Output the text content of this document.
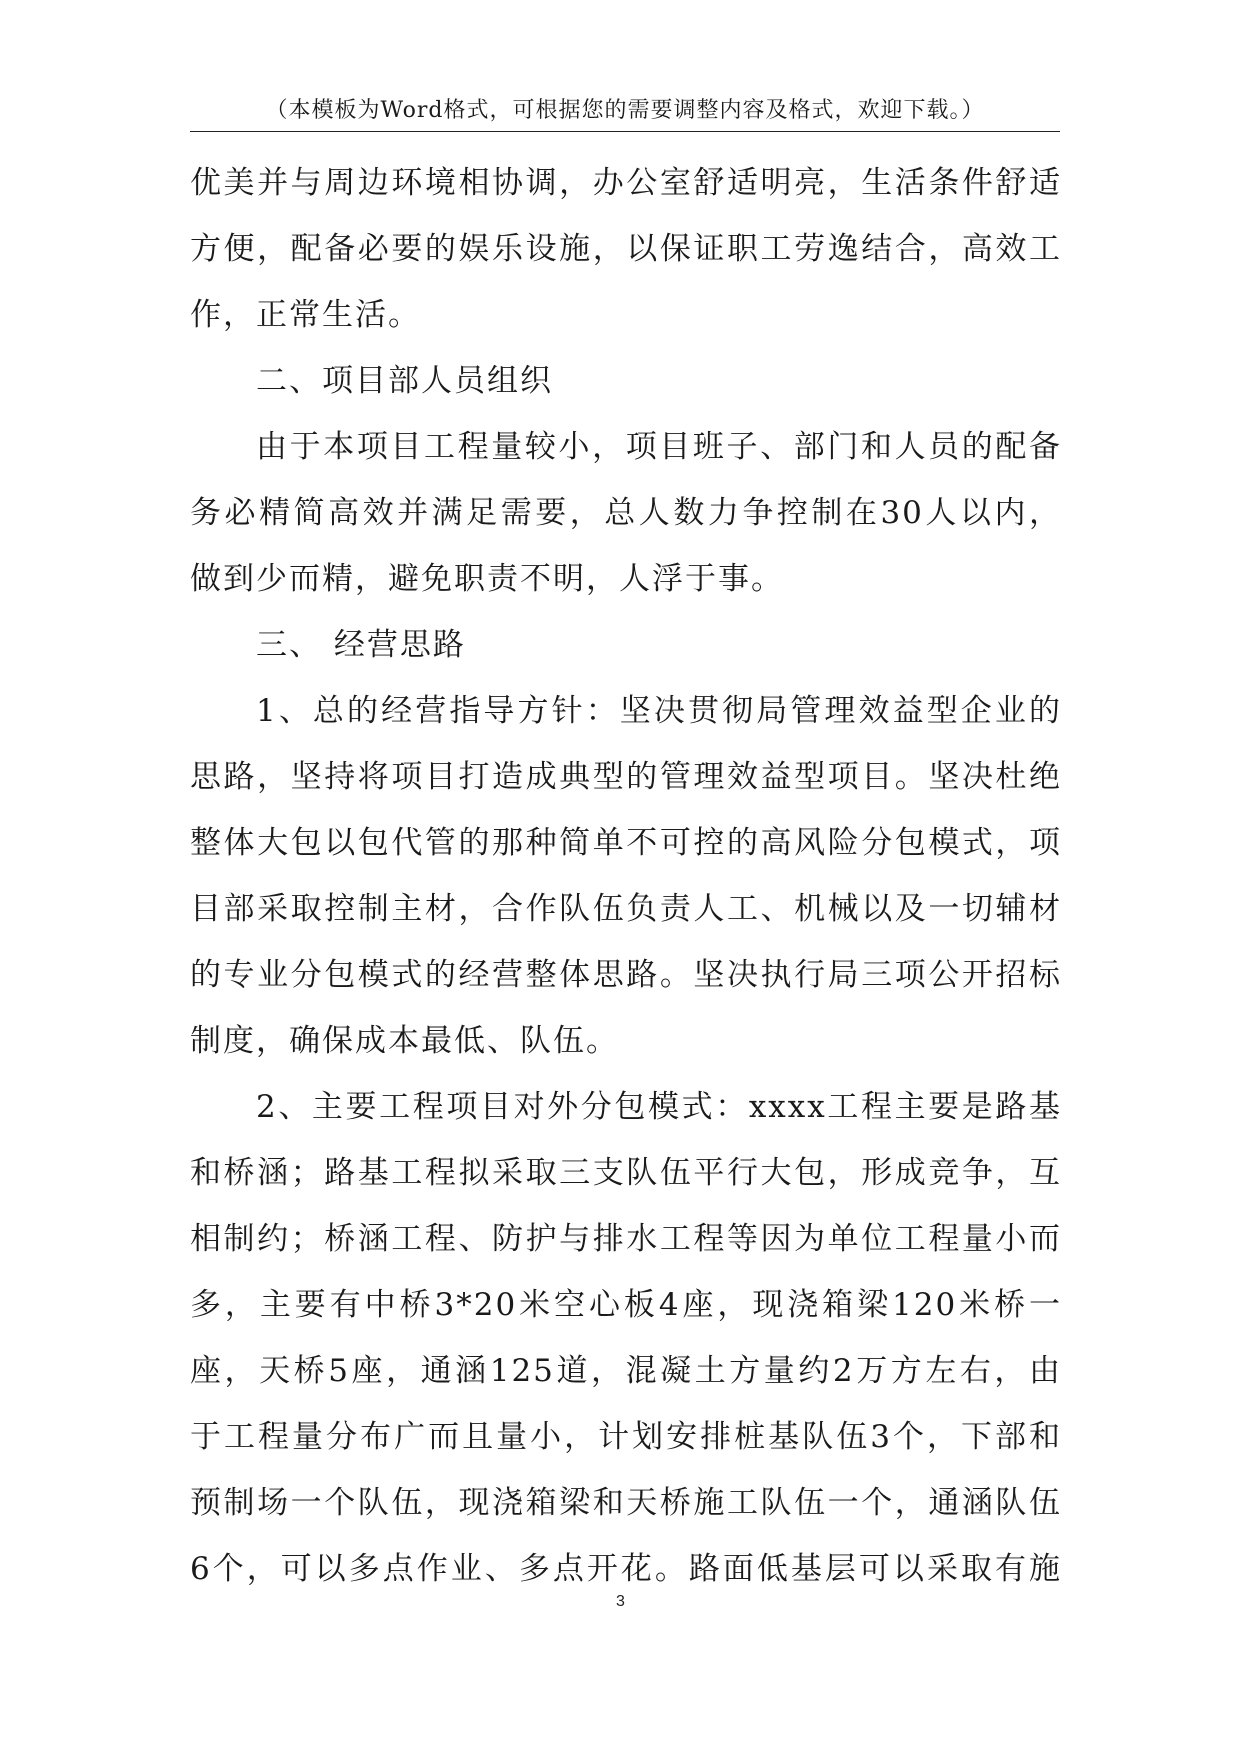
（本模板为Word格式，可根据您的需要调整内容及格式，欢迎下载。）
优美并与周边环境相协调，办公室舒适明亮，生活条件舒适
方便，配备必要的娱乐设施，以保证职工劳逸结合，高效工
作，正常生活。
二、项目部人员组织
由于本项目工程量较小，项目班子、部门和人员的配备
务必精简高效并满足需要，总人数力争控制在30人以内，
做到少而精，避免职责不明，人浮于事。
三、 经营思路
1、总的经营指导方针：坚决贯彻局管理效益型企业的
思路，坚持将项目打造成典型的管理效益型项目。坚决杜绝
整体大包以包代管的那种简单不可控的高风险分包模式，项
目部采取控制主材，合作队伍负责人工、机械以及一切辅材
的专业分包模式的经营整体思路。坚决执行局三项公开招标
制度，确保成本最低、队伍。
2、主要工程项目对外分包模式：xxxx工程主要是路基
和桥涵；路基工程拟采取三支队伍平行大包，形成竞争，互
相制约；桥涵工程、防护与排水工程等因为单位工程量小而
多，主要有中桥3*20米空心板4座，现浇箱梁120米桥一
座，天桥5座，通涵125道，混凝土方量约2万方左右，由
于工程量分布广而且量小，计划安排桩基队伍3个，下部和
预制场一个队伍，现浇箱梁和天桥施工队伍一个，通涵队伍
6个，可以多点作业、多点开花。路面低基层可以采取有施
3
